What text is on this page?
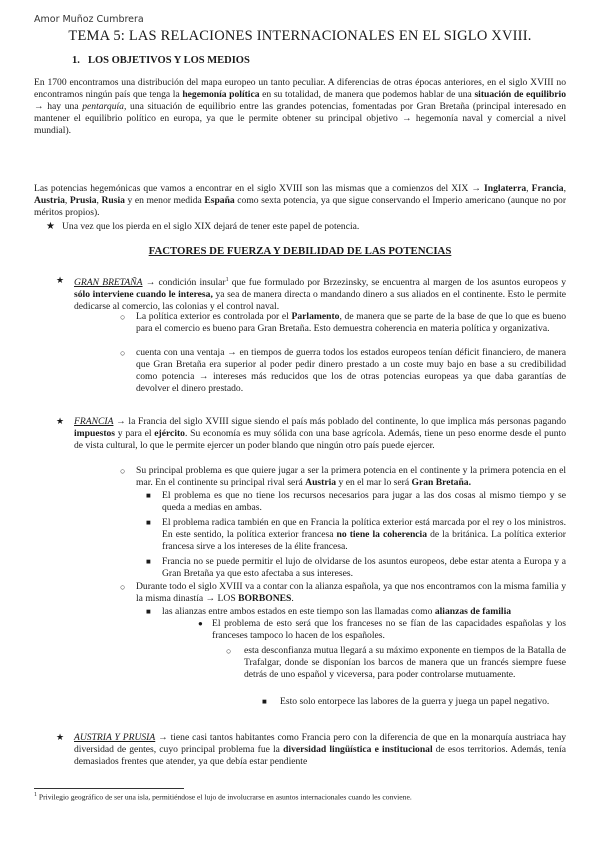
Amor Muñoz Cumbrera
TEMA 5: LAS RELACIONES INTERNACIONALES EN EL SIGLO XVIII.
1. LOS OBJETIVOS Y LOS MEDIOS
En 1700 encontramos una distribución del mapa europeo un tanto peculiar. A diferencias de otras épocas anteriores, en el siglo XVIII no encontramos ningún país que tenga la hegemonía política en su totalidad, de manera que podemos hablar de una situación de equilibrio → hay una pentarquía, una situación de equilibrio entre las grandes potencias, fomentadas por Gran Bretaña (principal interesado en mantener el equilibrio político en europa, ya que le permite obtener su principal objetivo → hegemonía naval y comercial a nivel mundial).
Las potencias hegemónicas que vamos a encontrar en el siglo XVIII son las mismas que a comienzos del XIX → Inglaterra, Francia, Austria, Prusia, Rusia y en menor medida España como sexta potencia, ya que sigue conservando el Imperio americano (aunque no por méritos propios).
★ Una vez que los pierda en el siglo XIX dejará de tener este papel de potencia.
FACTORES DE FUERZA Y DEBILIDAD DE LAS POTENCIAS
★ GRAN BRETAÑA → condición insular$^1$ que fue formulado por Brzezinsky, se encuentra al margen de los asuntos europeos y sólo interviene cuando le interesa, ya sea de manera directa o mandando dinero a sus aliados en el continente. Esto le permite dedicarse al comercio, las colonias y el control naval.
○ La política exterior es controlada por el Parlamento, de manera que se parte de la base de que lo que es bueno para el comercio es bueno para Gran Bretaña. Esto demuestra coherencia en materia política y organizativa.
○ cuenta con una ventaja → en tiempos de guerra todos los estados europeos tenían déficit financiero, de manera que Gran Bretaña era superior al poder pedir dinero prestado a un coste muy bajo en base a su credibilidad como potencia → intereses más reducidos que los de otras potencias europeas ya que daba garantías de devolver el dinero prestado.
★ FRANCIA → la Francia del siglo XVIII sigue siendo el país más poblado del continente, lo que implica más personas pagando impuestos y para el ejército. Su economía es muy sólida con una base agrícola. Además, tiene un peso enorme desde el punto de vista cultural, lo que le permite ejercer un poder blando que ningún otro país puede ejercer.
○ Su principal problema es que quiere jugar a ser la primera potencia en el continente y la primera potencia en el mar. En el continente su principal rival será Austria y en el mar lo será Gran Bretaña.
■ El problema es que no tiene los recursos necesarios para jugar a las dos cosas al mismo tiempo y se queda a medias en ambas.
■ El problema radica también en que en Francia la política exterior está marcada por el rey o los ministros. En este sentido, la política exterior francesa no tiene la coherencia de la británica. La política exterior francesa sirve a los intereses de la élite francesa.
■ Francia no se puede permitir el lujo de olvidarse de los asuntos europeos, debe estar atenta a Europa y a Gran Bretaña ya que esto afectaba a sus intereses.
○ Durante todo el siglo XVIII va a contar con la alianza española, ya que nos encontramos con la misma familia y la misma dinastía → LOS BORBONES.
■ las alianzas entre ambos estados en este tiempo son las llamadas como alianzas de familia
● El problema de esto será que los franceses no se fían de las capacidades españolas y los franceses tampoco lo hacen de los españoles.
○ esta desconfianza mutua llegará a su máximo exponente en tiempos de la Batalla de Trafalgar, donde se disponían los barcos de manera que un francés siempre fuese detrás de uno español y viceversa, para poder controlarse mutuamente.
■ Esto solo entorpece las labores de la guerra y juega un papel negativo.
★ AUSTRIA Y PRUSIA → tiene casi tantos habitantes como Francia pero con la diferencia de que en la monarquía austriaca hay diversidad de gentes, cuyo principal problema fue la diversidad lingüística e institucional de esos territorios. Además, tenía demasiados frentes que atender, ya que debía estar pendiente
$^1$ Privilegio geográfico de ser una isla, permitiéndose el lujo de involucrarse en asuntos internacionales cuando les conviene.
